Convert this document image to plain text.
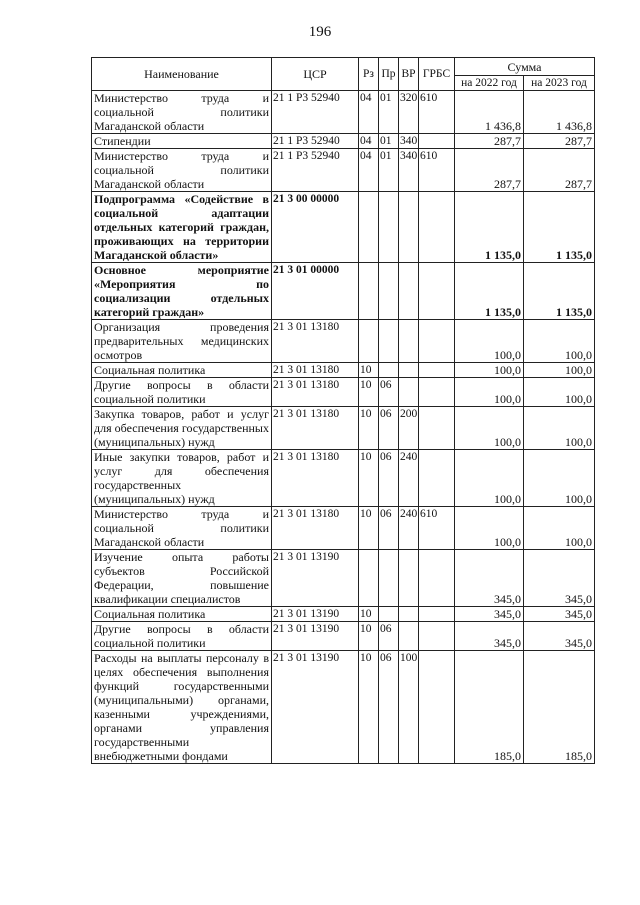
196
Наименование	ЦСР	Рз	Пр	ВР	ГРБС	Сумма	
						на 2022 год	на 2023 год
Министерство труда и социальной политики Магаданской области	21 1 Р3 52940	04	01	320	610	1 436,8	1 436,8
Стипендии	21 1 Р3 52940	04	01	340		287,7	287,7
Министерство труда и социальной политики Магаданской области	21 1 Р3 52940	04	01	340	610	287,7	287,7
Подпрограмма «Содействие в социальной адаптации отдельных категорий граждан, проживающих на территории Магаданской области»	21 3 00 00000					1 135,0	1 135,0
Основное мероприятие «Мероприятия по социализации отдельных категорий граждан»	21 3 01 00000					1 135,0	1 135,0
Организация проведения предварительных медицинских осмотров	21 3 01 13180					100,0	100,0
Социальная политика	21 3 01 13180	10				100,0	100,0
Другие вопросы в области социальной политики	21 3 01 13180	10	06			100,0	100,0
Закупка товаров, работ и услуг для обеспечения государственных (муниципальных) нужд	21 3 01 13180	10	06	200		100,0	100,0
Иные закупки товаров, работ и услуг для обеспечения государственных (муниципальных) нужд	21 3 01 13180	10	06	240		100,0	100,0
Министерство труда и социальной политики Магаданской области	21 3 01 13180	10	06	240	610	100,0	100,0
Изучение опыта работы субъектов Российской Федерации, повышение квалификации специалистов	21 3 01 13190					345,0	345,0
Социальная политика	21 3 01 13190	10				345,0	345,0
Другие вопросы в области социальной политики	21 3 01 13190	10	06			345,0	345,0
Расходы на выплаты персоналу в целях обеспечения выполнения функций государственными (муниципальными) органами, казенными учреждениями, органами управления государственными внебюджетными фондами	21 3 01 13190	10	06	100		185,0	185,0
